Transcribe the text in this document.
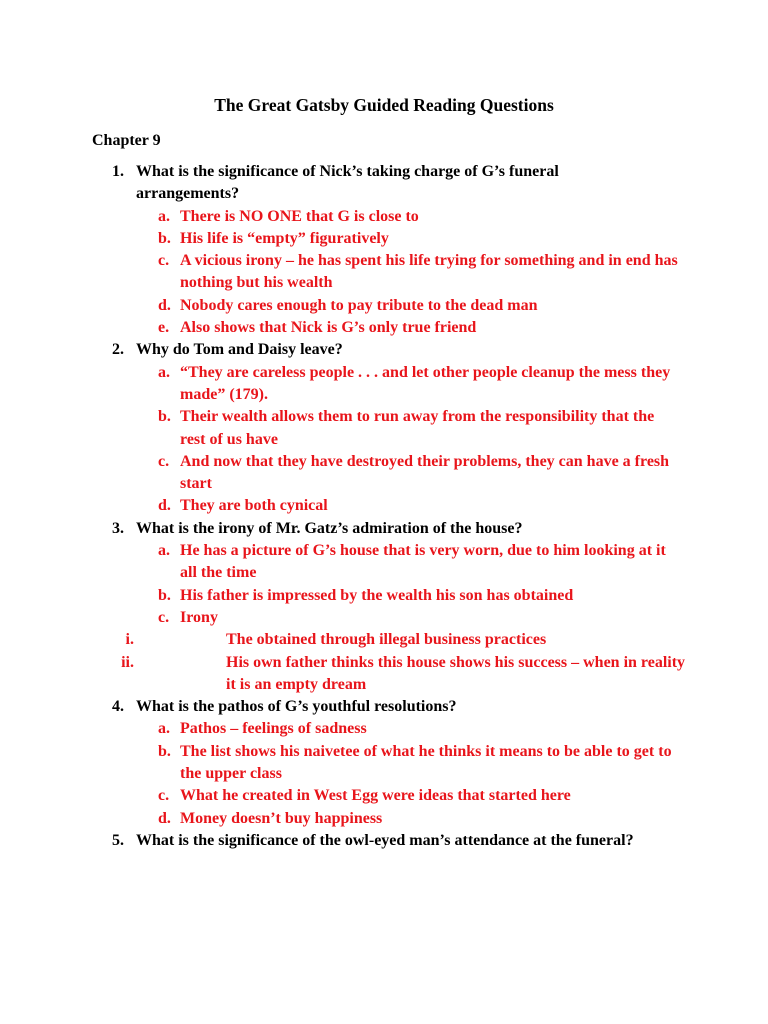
The Great Gatsby Guided Reading Questions
Chapter 9
1. What is the significance of Nick’s taking charge of G’s funeral arrangements?
a. There is NO ONE that G is close to
b. His life is “empty” figuratively
c. A vicious irony – he has spent his life trying for something and in end has nothing but his wealth
d. Nobody cares enough to pay tribute to the dead man
e. Also shows that Nick is G’s only true friend
2. Why do Tom and Daisy leave?
a. “They are careless people . . . and let other people cleanup the mess they made” (179).
b. Their wealth allows them to run away from the responsibility that the rest of us have
c. And now that they have destroyed their problems, they can have a fresh start
d. They are both cynical
3. What is the irony of Mr. Gatz’s admiration of the house?
a. He has a picture of G’s house that is very worn, due to him looking at it all the time
b. His father is impressed by the wealth his son has obtained
c. Irony
i.	The obtained through illegal business practices
ii.	His own father thinks this house shows his success – when in reality it is an empty dream
4. What is the pathos of G’s youthful resolutions?
a. Pathos – feelings of sadness
b. The list shows his naivetee of what he thinks it means to be able to get to the upper class
c. What he created in West Egg were ideas that started here
d. Money doesn’t buy happiness
5. What is the significance of the owl-eyed man’s attendance at the funeral?
